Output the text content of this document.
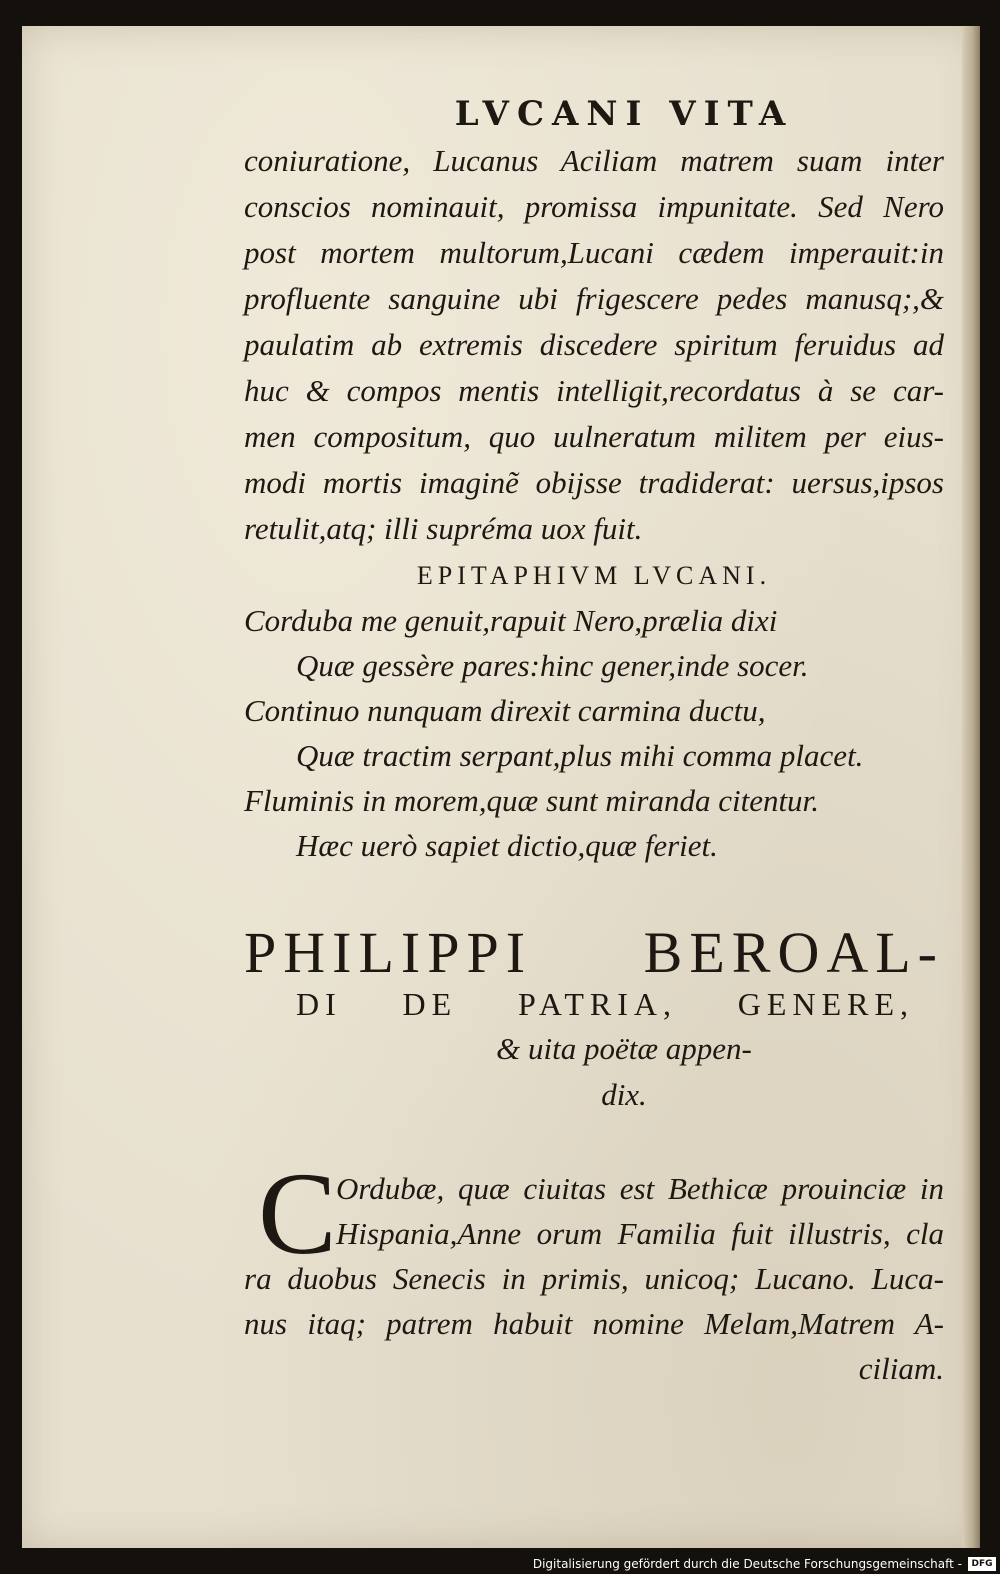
LVCANI VITA

coniuratione, Lucanus Aciliam matrem suam inter

conscios nominauit, promissa impunitate. Sed Nero

post mortem multorum,Lucani cædem imperauit:in

profluente sanguine ubi frigescere pedes manusq;,&

paulatim ab extremis discedere spiritum feruidus ad

huc & compos mentis intelligit,recordatus à se car-

men compositum, quo uulneratum militem per eius-

modi mortis imaginẽ obijsse tradiderat: uersus,ipsos

retulit,atq; illi supréma uox fuit.

EPITAPHIVM LVCANI.

Corduba me genuit,rapuit Nero,prælia dixi

Quæ gessère pares:hinc gener,inde socer.

Continuo nunquam direxit carmina ductu,

Quæ tractim serpant,plus mihi comma placet.

Fluminis in morem,quæ sunt miranda citentur.

Hæc uerò sapiet dictio,quæ feriet.

PHILIPPI BEROAL-
DI DE PATRIA, GENERE,
& uita poëtæ appen-
dix.
C Ordubæ, quæ ciuitas est Bethicæ prouinciæ in

Hispania,Anne orum Familia fuit illustris, cla

ra duobus Senecis in primis, unicoq; Lucano. Luca-

nus itaq; patrem habuit nomine Melam,Matrem A-

ciliam.

Digitalisierung gefördert durch die Deutsche Forschungsgemeinschaft -	DFG
